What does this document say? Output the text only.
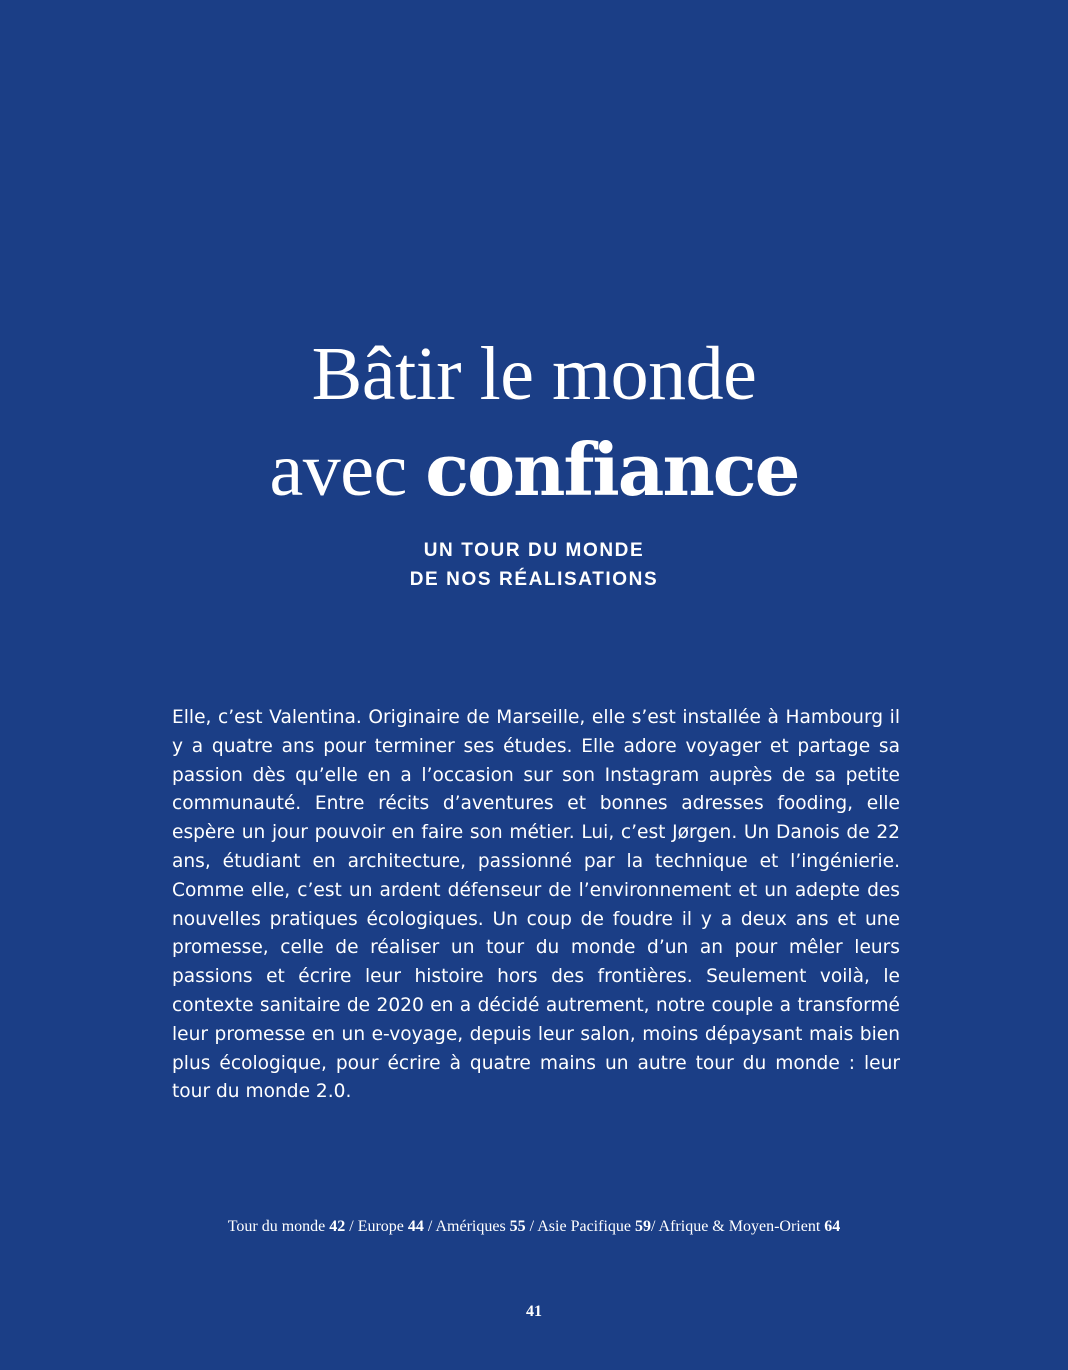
Bâtir le monde
avec confiance
UN TOUR DU MONDE
DE NOS RÉALISATIONS

Elle, c’est Valentina. Originaire de Marseille, elle s’est installée à Hambourg il y a quatre ans pour terminer ses études. Elle adore voyager et partage sa passion dès qu’elle en a l’occasion sur son Instagram auprès de sa petite communauté. Entre récits d’aventures et bonnes adresses fooding, elle espère un jour pouvoir en faire son métier. Lui, c’est Jørgen. Un Danois de 22 ans, étudiant en architecture, passionné par la technique et l’ingénierie. Comme elle, c’est un ardent défenseur de l’environnement et un adepte des nouvelles pratiques écologiques. Un coup de foudre il y a deux ans et une promesse, celle de réaliser un tour du monde d’un an pour mêler leurs passions et écrire leur histoire hors des frontières. Seulement voilà, le contexte sanitaire de 2020 en a décidé autrement, notre couple a transformé leur promesse en un e-voyage, depuis leur salon, moins dépaysant mais bien plus écologique, pour écrire à quatre mains un autre tour du monde : leur tour du monde 2.0.

Tour du monde 42 / Europe 44 / Amériques 55 / Asie Pacifique 59/ Afrique & Moyen-Orient 64
41
